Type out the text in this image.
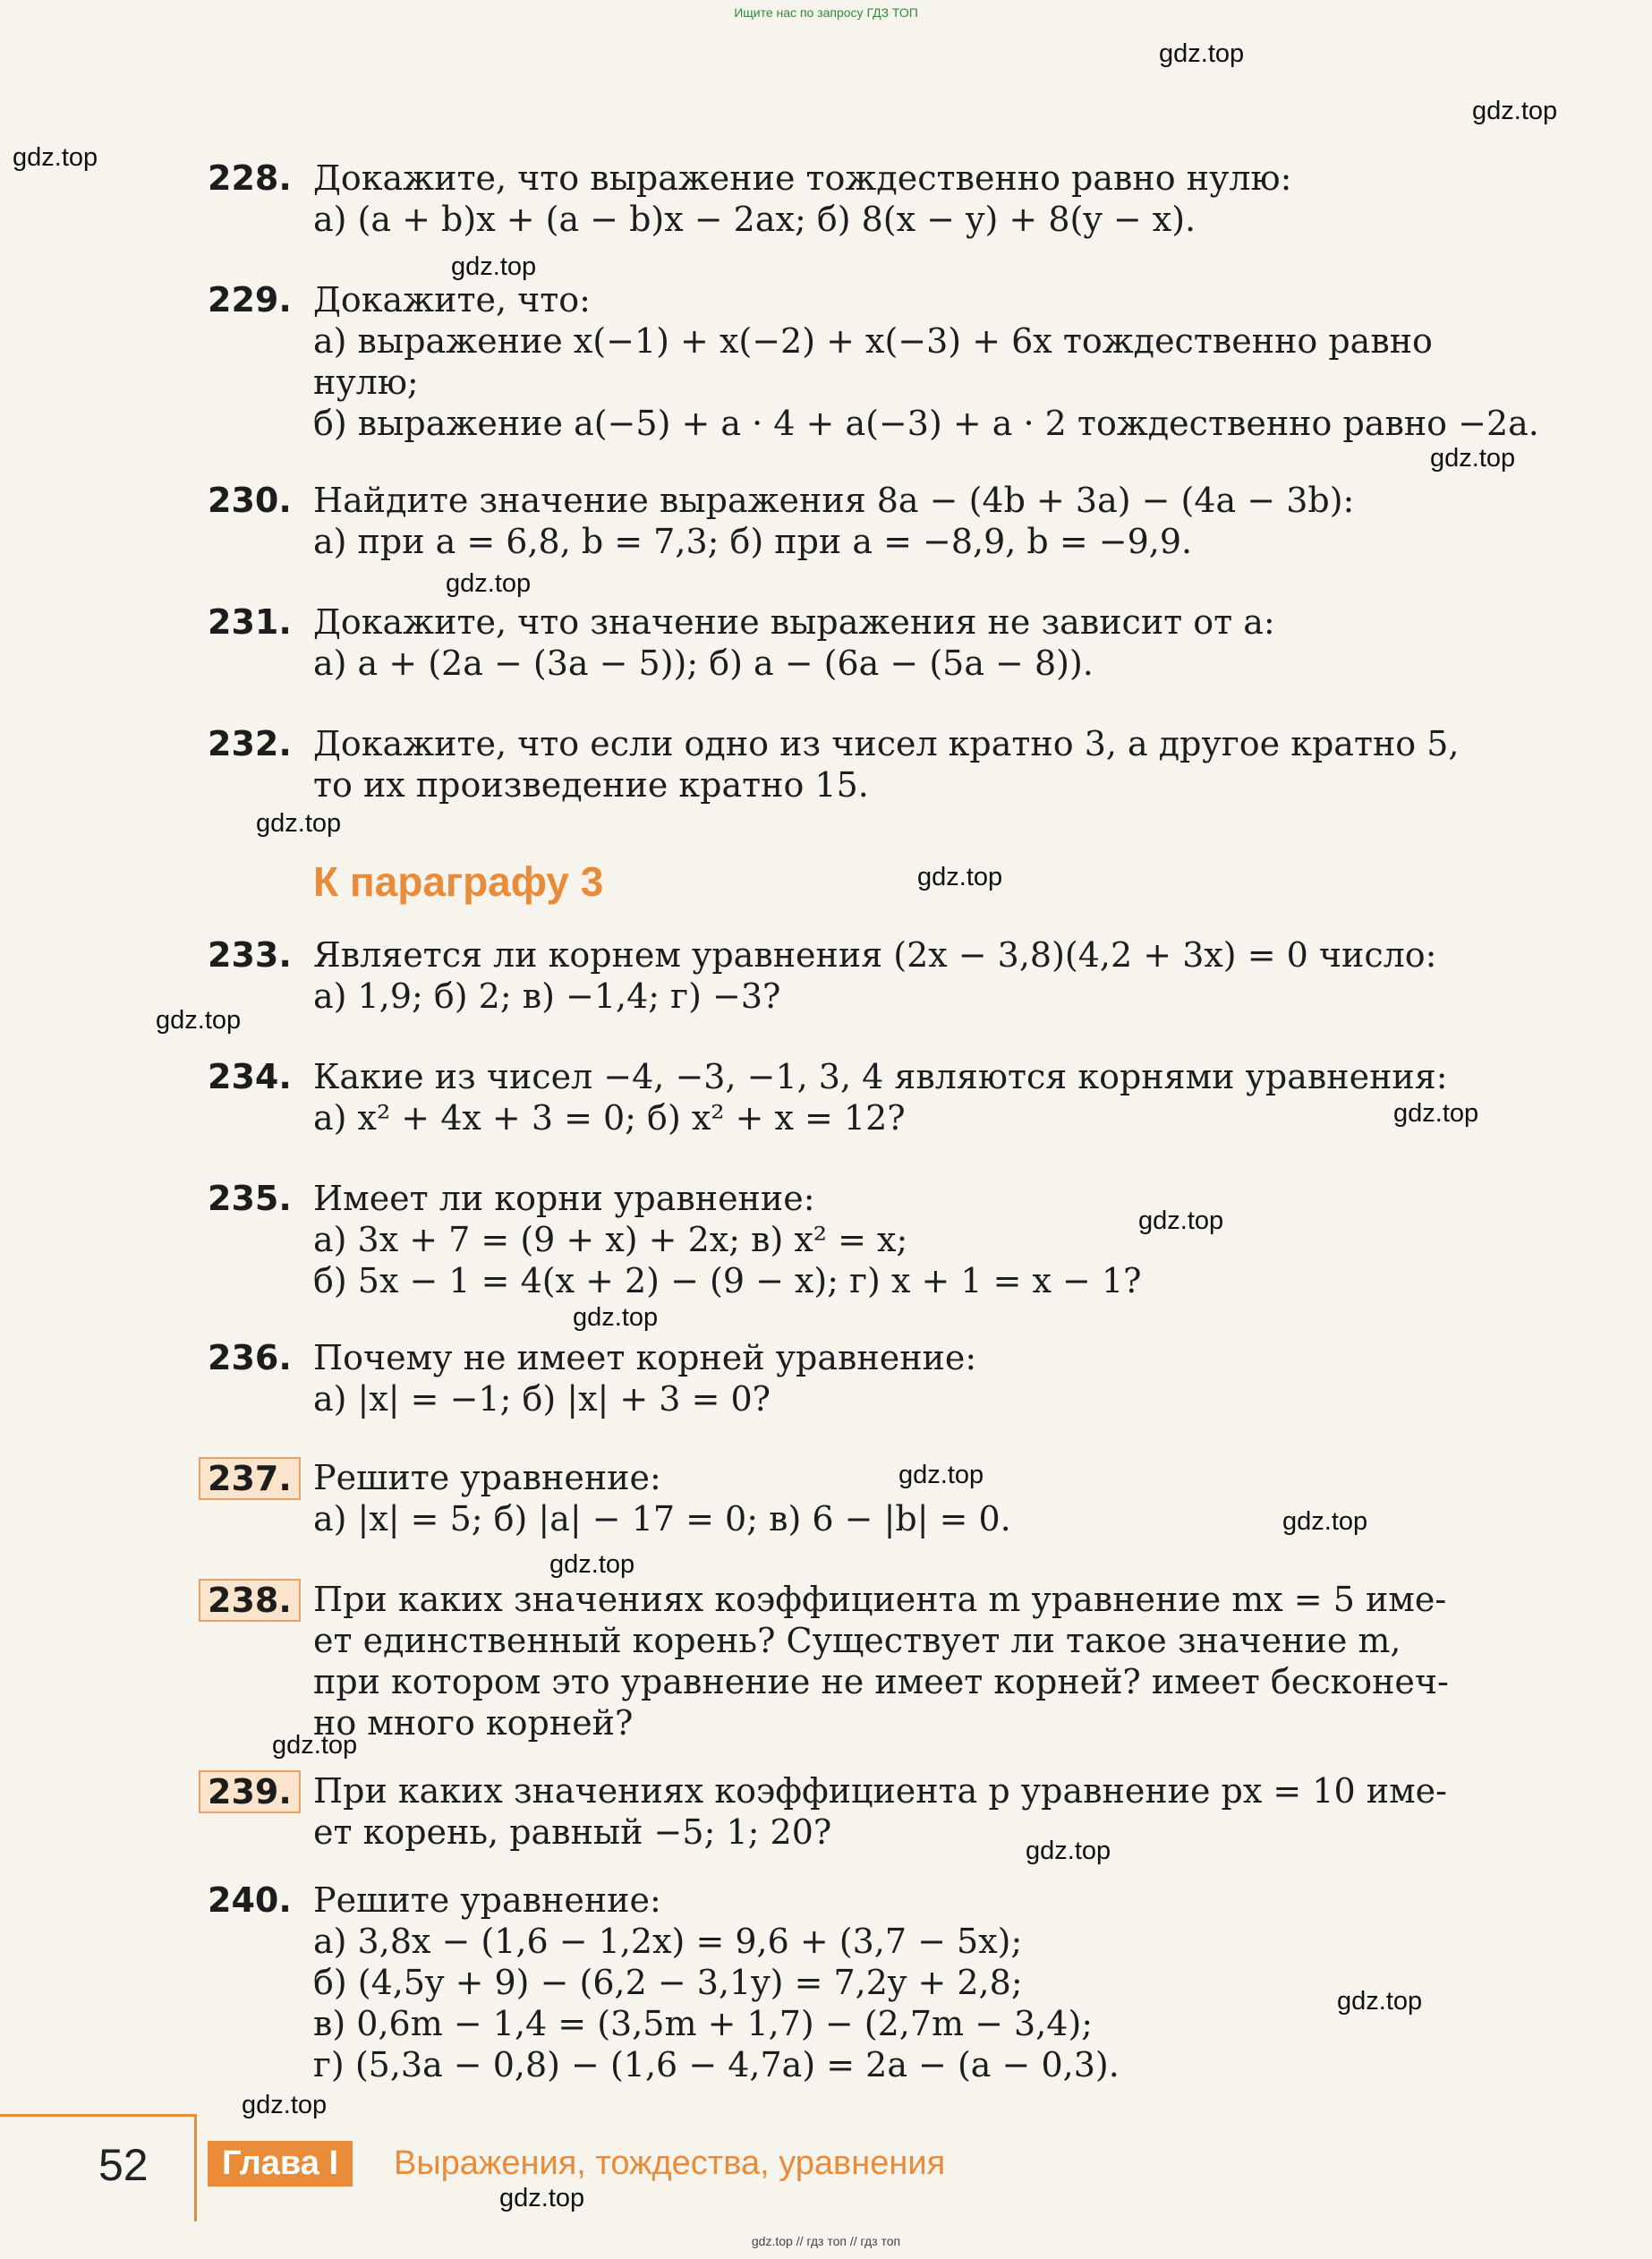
Ищите нас по запросу ГДЗ ТОП
gdz.top
gdz.top
gdz.top
gdz.top
gdz.top
gdz.top
gdz.top
gdz.top
gdz.top
gdz.top
gdz.top
gdz.top
gdz.top
gdz.top
gdz.top
gdz.top
gdz.top
gdz.top
gdz.top
gdz.top
228. Докажите, что выражение тождественно равно нулю:
а) (a + b)x + (a − b)x − 2ax; б) 8(x − y) + 8(y − x).
229. Докажите, что:
а) выражение x(−1) + x(−2) + x(−3) + 6x тождественно равно
нулю;
б) выражение a(−5) + a · 4 + a(−3) + a · 2 тождественно равно −2a.
230. Найдите значение выражения 8a − (4b + 3a) − (4a − 3b):
а) при a = 6,8, b = 7,3; б) при a = −8,9, b = −9,9.
231. Докажите, что значение выражения не зависит от a:
а) a + (2a − (3a − 5)); б) a − (6a − (5a − 8)).
232. Докажите, что если одно из чисел кратно 3, а другое кратно 5,
то их произведение кратно 15.
К параграфу 3
233. Является ли корнем уравнения (2x − 3,8)(4,2 + 3x) = 0 число:
а) 1,9; б) 2; в) −1,4; г) −3?
234. Какие из чисел −4, −3, −1, 3, 4 являются корнями уравнения:
а) x² + 4x + 3 = 0; б) x² + x = 12?
235. Имеет ли корни уравнение:
а) 3x + 7 = (9 + x) + 2x; в) x² = x;
б) 5x − 1 = 4(x + 2) − (9 − x); г) x + 1 = x − 1?
236. Почему не имеет корней уравнение:
а) |x| = −1; б) |x| + 3 = 0?
237. Решите уравнение:
а) |x| = 5; б) |a| − 17 = 0; в) 6 − |b| = 0.
238. При каких значениях коэффициента m уравнение mx = 5 име-
ет единственный корень? Существует ли такое значение m,
при котором это уравнение не имеет корней? имеет бесконеч-
но много корней?
239. При каких значениях коэффициента p уравнение px = 10 име-
ет корень, равный −5; 1; 20?
240. Решите уравнение:
а) 3,8x − (1,6 − 1,2x) = 9,6 + (3,7 − 5x);
б) (4,5y + 9) − (6,2 − 3,1y) = 7,2y + 2,8;
в) 0,6m − 1,4 = (3,5m + 1,7) − (2,7m − 3,4);
г) (5,3a − 0,8) − (1,6 − 4,7a) = 2a − (a − 0,3).
52	Глава I	Выражения, тождества, уравнения
gdz.top // гдз топ // гдз топ
